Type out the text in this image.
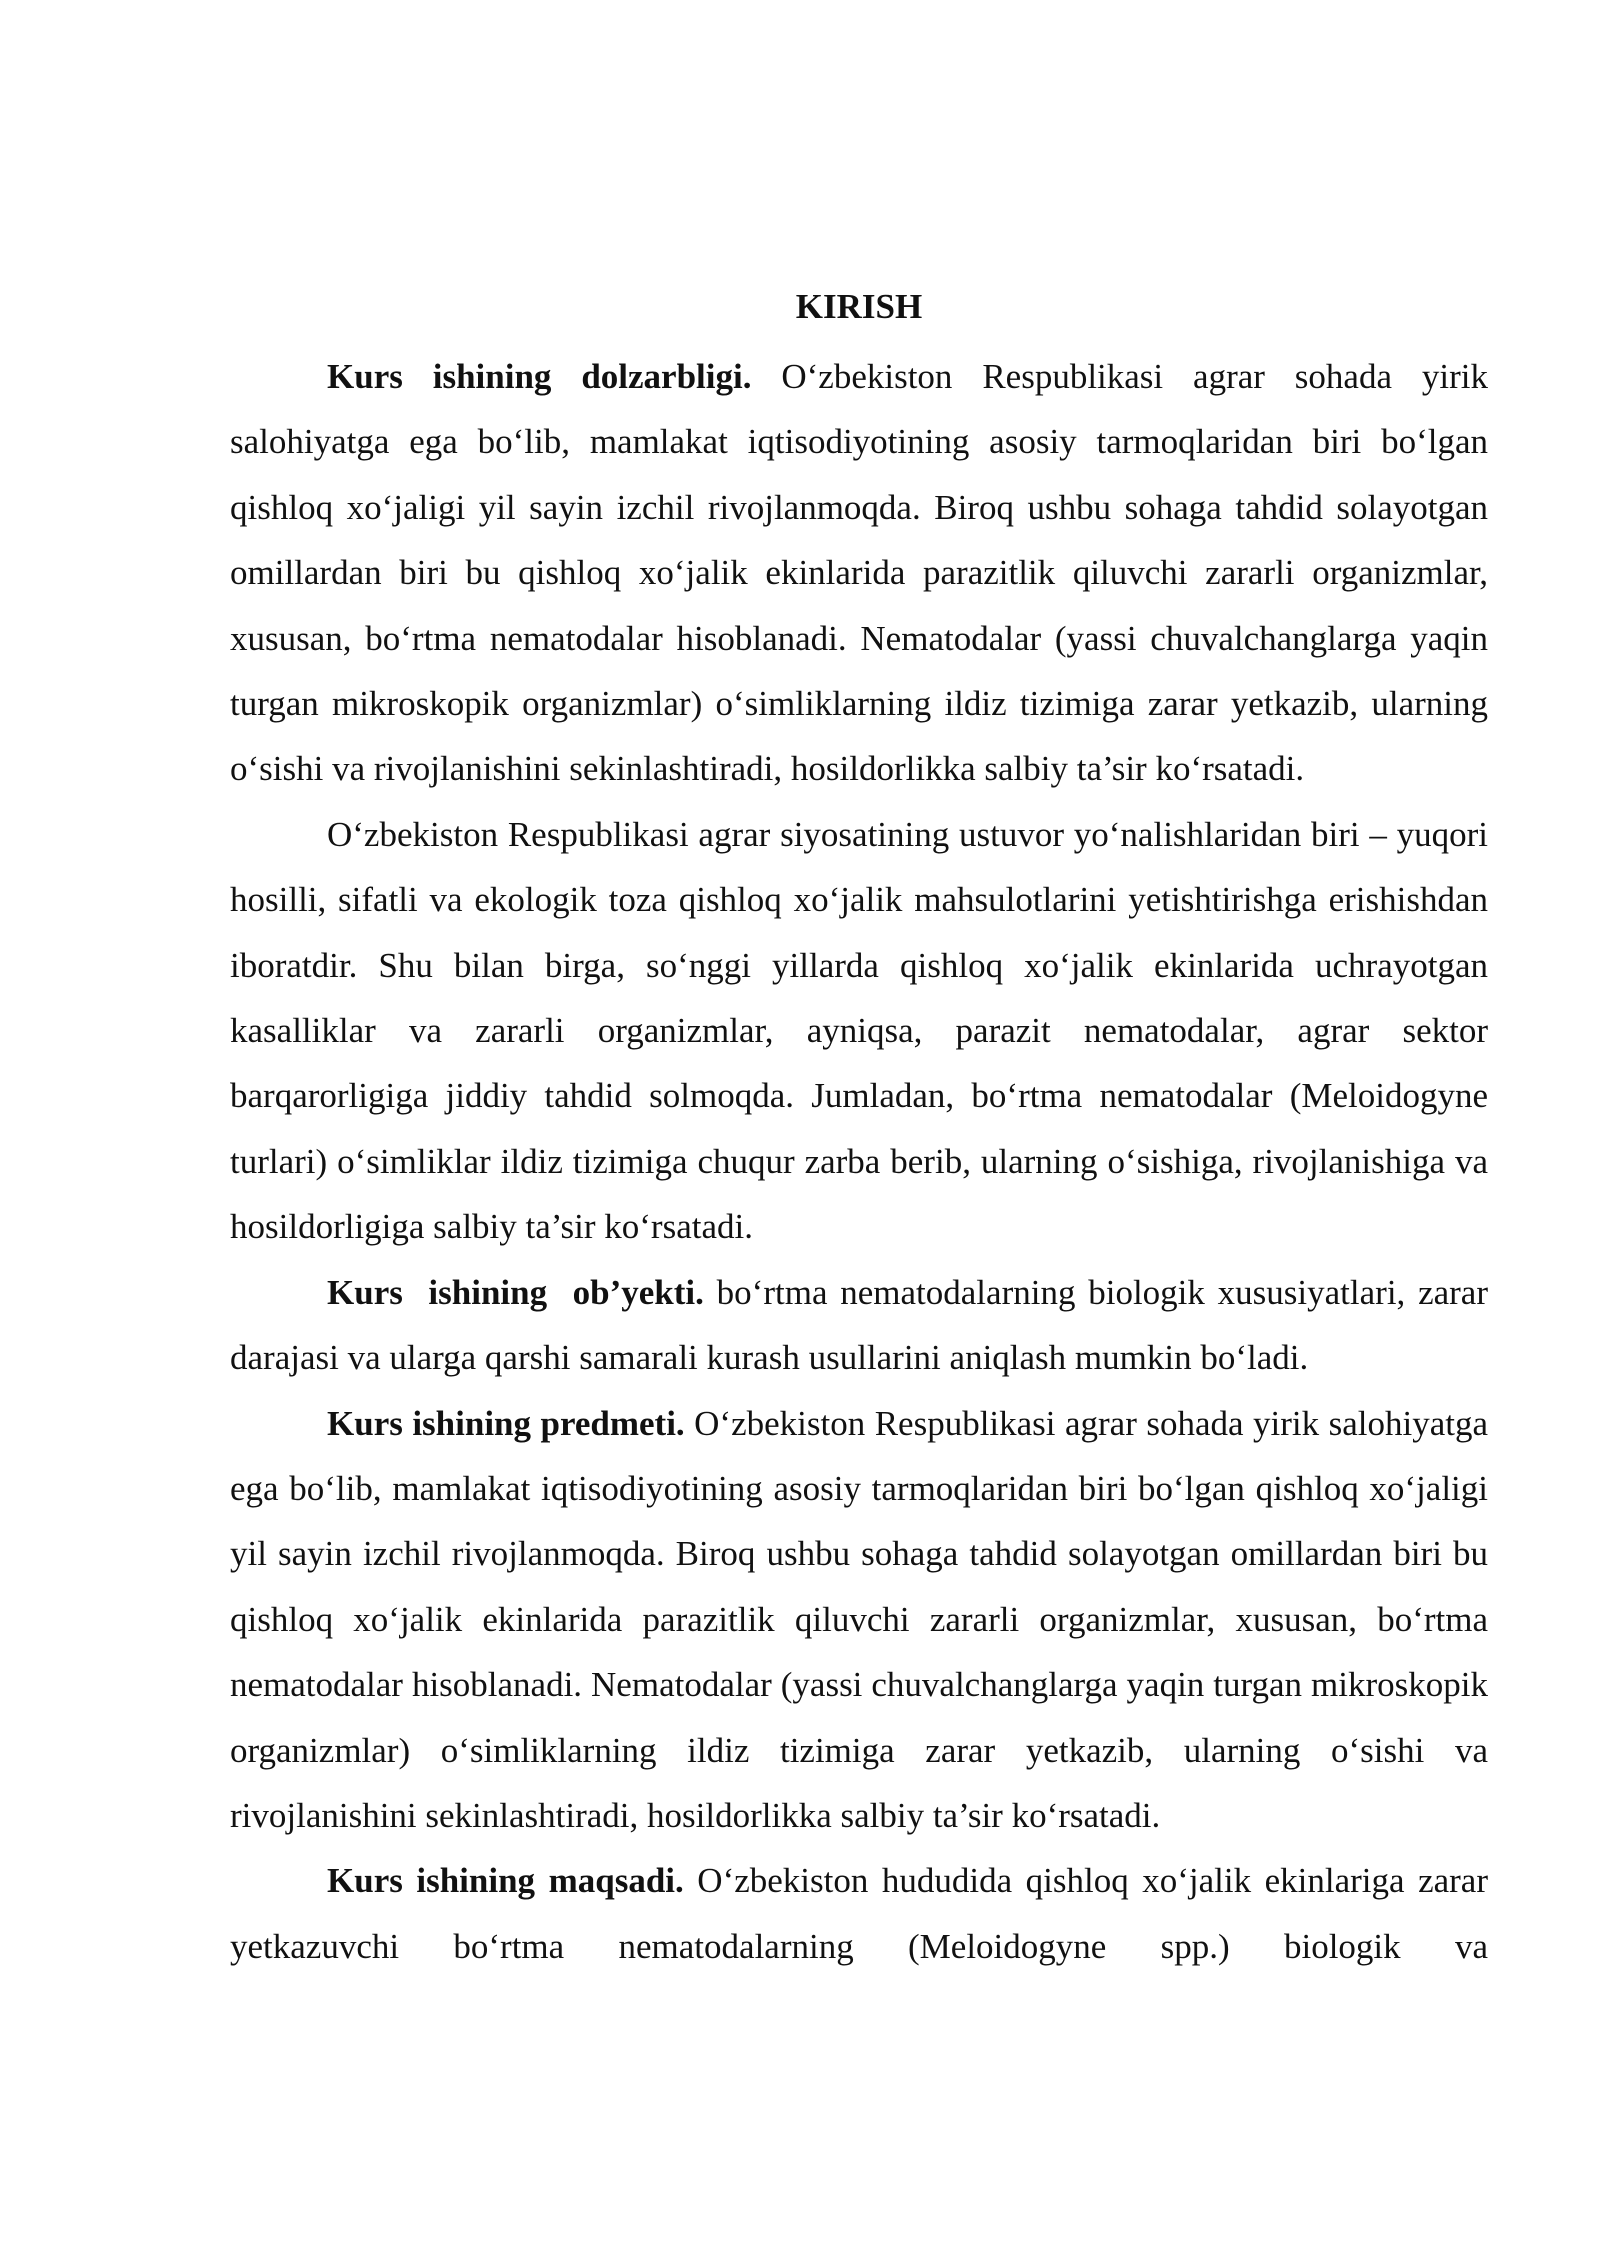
KIRISH

Kurs ishining dolzarbligi. O‘zbekiston Respublikasi agrar sohada yirik salohiyatga ega bo‘lib, mamlakat iqtisodiyotining asosiy tarmoqlaridan biri bo‘lgan qishloq xo‘jaligi yil sayin izchil rivojlanmoqda. Biroq ushbu sohaga tahdid solayotgan omillardan biri bu qishloq xo‘jalik ekinlarida parazitlik qiluvchi zararli organizmlar, xususan, bo‘rtma nematodalar hisoblanadi. Nematodalar (yassi chuvalchanglarga yaqin turgan mikroskopik organizmlar) o‘simliklarning ildiz tizimiga zarar yetkazib, ularning o‘sishi va rivojlanishini sekinlashtiradi, hosildorlikka salbiy ta’sir ko‘rsatadi.

O‘zbekiston Respublikasi agrar siyosatining ustuvor yo‘nalishlaridan biri – yuqori hosilli, sifatli va ekologik toza qishloq xo‘jalik mahsulotlarini yetishtirishga erishishdan iboratdir. Shu bilan birga, so‘nggi yillarda qishloq xo‘jalik ekinlarida uchrayotgan kasalliklar va zararli organizmlar, ayniqsa, parazit nematodalar, agrar sektor barqarorligiga jiddiy tahdid solmoqda. Jumladan, bo‘rtma nematodalar (Meloidogyne turlari) o‘simliklar ildiz tizimiga chuqur zarba berib, ularning o‘sishiga, rivojlanishiga va hosildorligiga salbiy ta’sir ko‘rsatadi.

Kurs  ishining  ob’yekti. bo‘rtma nematodalarning biologik xususiyatlari, zarar darajasi va ularga qarshi samarali kurash usullarini aniqlash mumkin bo‘ladi.

Kurs ishining predmeti. O‘zbekiston Respublikasi agrar sohada yirik salohiyatga ega bo‘lib, mamlakat iqtisodiyotining asosiy tarmoqlaridan biri bo‘lgan qishloq xo‘jaligi yil sayin izchil rivojlanmoqda. Biroq ushbu sohaga tahdid solayotgan omillardan biri bu qishloq xo‘jalik ekinlarida parazitlik qiluvchi zararli organizmlar, xususan, bo‘rtma nematodalar hisoblanadi. Nematodalar (yassi chuvalchanglarga yaqin turgan mikroskopik organizmlar) o‘simliklarning ildiz tizimiga zarar yetkazib, ularning o‘sishi va rivojlanishini sekinlashtiradi, hosildorlikka salbiy ta’sir ko‘rsatadi.

Kurs ishining maqsadi. O‘zbekiston hududida qishloq xo‘jalik ekinlariga zarar yetkazuvchi bo‘rtma nematodalarning (Meloidogyne spp.) biologik va
